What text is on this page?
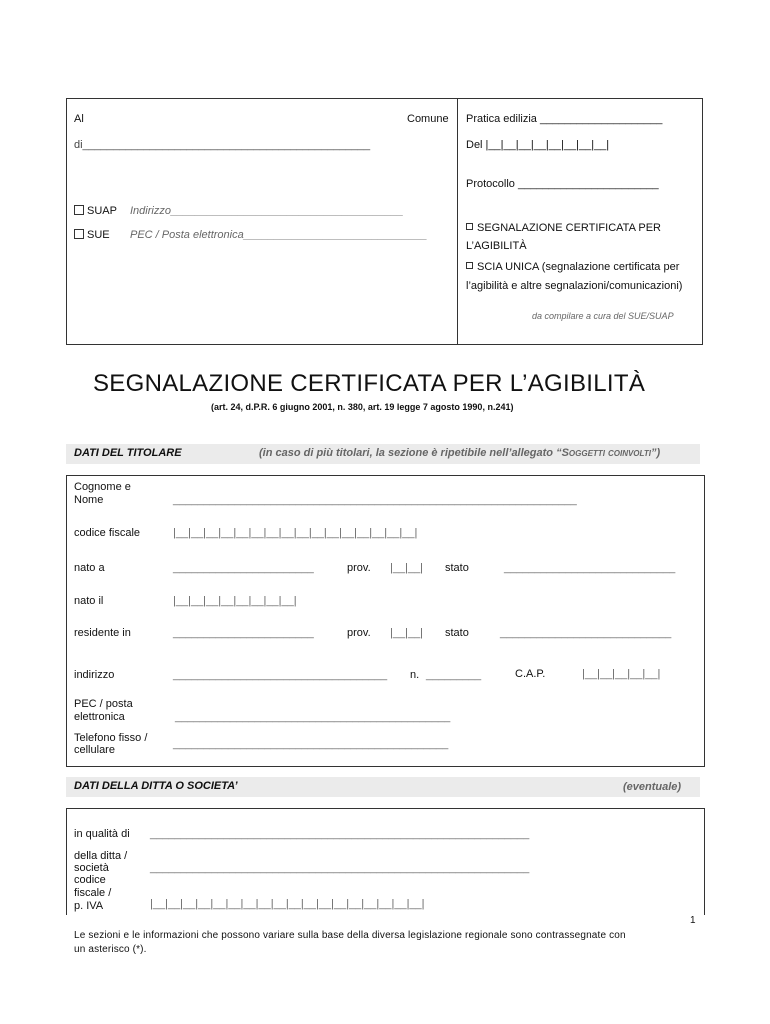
Al	Comune
di_______________________________________________
SUAP Indirizzo______________________________________
SUE PEC / Posta elettronica______________________________
Pratica edilizia ____________________
Del |__|__|__|__|__|__|__|__|
Protocollo _______________________
SEGNALAZIONE CERTIFICATA PER
L’AGIBILITÀ
SCIA UNICA (segnalazione certificata per
l’agibilità e altre segnalazioni/comunicazioni)
da compilare a cura del SUE/SUAP
SEGNALAZIONE CERTIFICATA PER L’AGIBILITÀ
(art. 24, d.P.R. 6 giugno 2001, n. 380, art. 19 legge 7 agosto 1990, n.241)
DATI DEL TITOLARE	(in caso di più titolari, la sezione è ripetibile nell’allegato “Soggetti coinvolti”)
Cognome e
Nome	__________________________________________________________________
codice fiscale	|__|__|__|__|__|__|__|__|__|__|__|__|__|__|__|__|
nato a	_______________________	prov. |__|__| stato	____________________________
nato il	|__|__|__|__|__|__|__|__|
residente in	_______________________	prov. |__|__| stato	____________________________
indirizzo	___________________________________ n. _________	C.A.P.	|__|__|__|__|__|
PEC / posta
elettronica	_____________________________________________
Telefono fisso /
cellulare	_____________________________________________
DATI DELLA DITTA O SOCIETA’	(eventuale)
in qualità di ______________________________________________________________
della ditta /
società	______________________________________________________________
codice
fiscale /
p. IVA	|__|__|__|__|__|__|__|__|__|__|__|__|__|__|__|__|__|__|
1
Le sezioni e le informazioni che possono variare sulla base della diversa legislazione regionale sono contrassegnate con
un asterisco (*).
